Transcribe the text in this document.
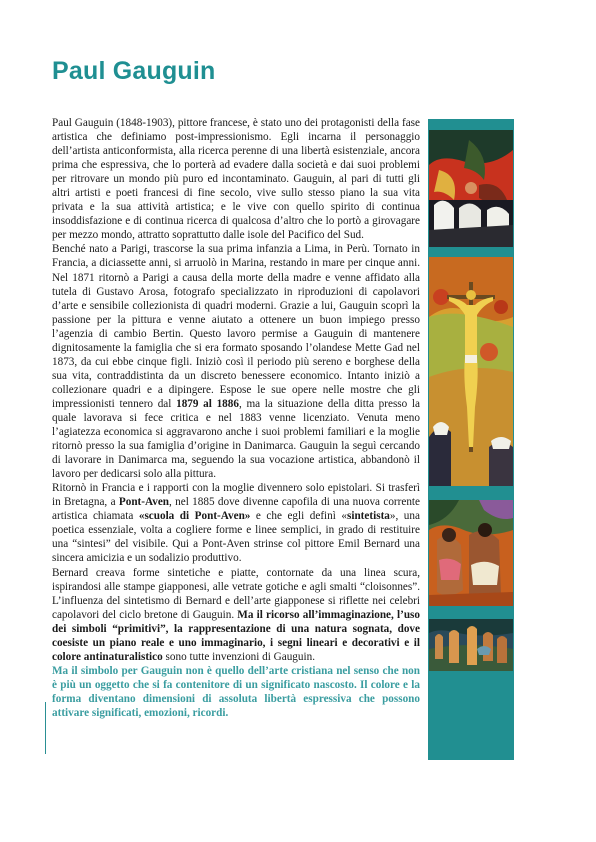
Paul Gauguin

Paul Gauguin (1848-1903), pittore francese, è stato uno dei protagonisti della fase artistica che definiamo post-impressionismo. Egli incarna il personaggio dell’artista anticonformista, alla ricerca perenne di una libertà esistenziale, ancora prima che espressiva, che lo porterà ad evadere dalla società e dai suoi problemi per ritrovare un mondo più puro ed incontaminato. Gauguin, al pari di tutti gli altri artisti e poeti francesi di fine secolo, vive sullo stesso piano la sua vita privata e la sua attività artistica; e le vive con quello spirito di continua insoddisfazione e di continua ricerca di qualcosa d’altro che lo portò a girovagare per mezzo mondo, attratto soprattutto dalle isole del Pacifico del Sud.

Benché nato a Parigi, trascorse la sua prima infanzia a Lima, in Perù. Tornato in Francia, a diciassette anni, si arruolò in Marina, restando in mare per cinque anni. Nel 1871 ritornò a Parigi a causa della morte della madre e venne affidato alla tutela di Gustavo Arosa, fotografo specializzato in riproduzioni di capolavori d’arte e sensibile collezionista di quadri moderni. Grazie a lui, Gauguin scoprì la passione per la pittura e venne aiutato a ottenere un buon impiego presso l’agenzia di cambio Bertin. Questo lavoro permise a Gauguin di mantenere dignitosamente la famiglia che si era formato sposando l’olandese Mette Gad nel 1873, da cui ebbe cinque figli. Iniziò così il periodo più sereno e borghese della sua vita, contraddistinta da un discreto benessere economico. Intanto iniziò a collezionare quadri e a dipingere. Espose le sue opere nelle mostre che gli impressionisti tennero dal 1879 al 1886, ma la situazione della ditta presso la quale lavorava si fece critica e nel 1883 venne licenziato. Venuta meno l’agiatezza economica si aggravarono anche i suoi problemi familiari e la moglie ritornò presso la sua famiglia d’origine in Danimarca. Gauguin la seguì cercando di lavorare in Danimarca ma, seguendo la sua vocazione artistica, abbandonò il lavoro per dedicarsi solo alla pittura.

Ritornò in Francia e i rapporti con la moglie divennero solo epistolari. Si trasferì in Bretagna, a Pont-Aven, nel 1885 dove divenne capofila di una nuova corrente artistica chiamata «scuola di Pont-Aven» e che egli definì «sintetista», una poetica essenziale, volta a cogliere forme e linee semplici, in grado di restituire una “sintesi” del visibile. Qui a Pont-Aven strinse col pittore Emil Bernard una sincera amicizia e un sodalizio produttivo.

Bernard creava forme sintetiche e piatte, contornate da una linea scura, ispirandosi alle stampe giapponesi, alle vetrate gotiche e agli smalti “cloisonnes”. L’influenza del sintetismo di Bernard e dell’arte giapponese si riflette nei celebri capolavori del ciclo bretone di Gauguin. Ma il ricorso all’immaginazione, l’uso dei simboli “primitivi”, la rappresentazione di una natura sognata, dove coesiste un piano reale e uno immaginario, i segni lineari e decorativi e il colore antinaturalistico sono tutte invenzioni di Gauguin.

Ma il simbolo per Gauguin non è quello dell’arte cristiana nel senso che non è più un oggetto che si fa contenitore di un significato nascosto. Il colore e la forma diventano dimensioni di assoluta libertà espressiva che possono attivare significati, emozioni, ricordi.
